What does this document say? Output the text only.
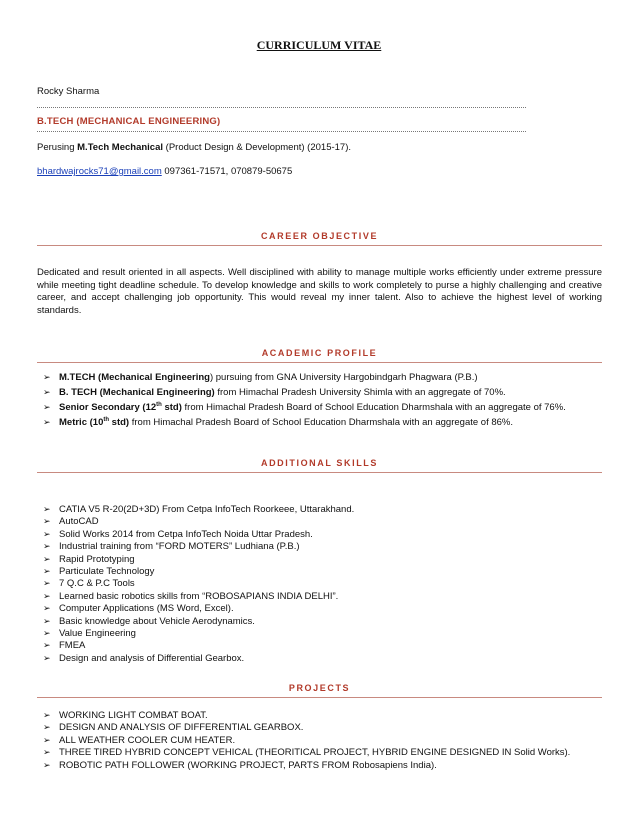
CURRICULUM VITAE
Rocky Sharma
B.TECH (MECHANICAL ENGINEERING)
Perusing M.Tech Mechanical (Product Design & Development) (2015-17).
bhardwajrocks71@gmail.com 097361-71571, 070879-50675
CAREER OBJECTIVE
Dedicated and result oriented in all aspects. Well disciplined with ability to manage multiple works efficiently under extreme pressure while meeting tight deadline schedule. To develop knowledge and skills to work completely to purse a highly challenging and creative career, and accept challenging job opportunity. This would reveal my inner talent. Also to achieve the highest level of working standards.
ACADEMIC PROFILE
➢ M.TECH (Mechanical Engineering) pursuing from GNA University Hargobindgarh Phagwara (P.B.)
➢ B. TECH (Mechanical Engineering) from Himachal Pradesh University Shimla with an aggregate of 70%.
➢ Senior Secondary (12th std) from Himachal Pradesh Board of School Education Dharmshala with an aggregate of 76%.
➢ Metric (10th std) from Himachal Pradesh Board of School Education Dharmshala with an aggregate of 86%.
ADDITIONAL SKILLS
➢ CATIA V5 R-20(2D+3D) From Cetpa InfoTech Roorkeee, Uttarakhand.
➢ AutoCAD
➢ Solid Works 2014 from Cetpa InfoTech Noida Uttar Pradesh.
➢ Industrial training from “FORD MOTERS” Ludhiana (P.B.)
➢ Rapid Prototyping
➢ Particulate Technology
➢ 7 Q.C & P.C Tools
➢ Learned basic robotics skills from “ROBOSAPIANS INDIA DELHI”.
➢ Computer Applications (MS Word, Excel).
➢ Basic knowledge about Vehicle Aerodynamics.
➢ Value Engineering
➢ FMEA
➢ Design and analysis of Differential Gearbox.
PROJECTS
➢ WORKING LIGHT COMBAT BOAT.
➢ DESIGN AND ANALYSIS OF DIFFERENTIAL GEARBOX.
➢ ALL WEATHER COOLER CUM HEATER.
➢ THREE TIRED HYBRID CONCEPT VEHICAL (THEORITICAL PROJECT, HYBRID ENGINE DESIGNED IN Solid Works).
➢ ROBOTIC PATH FOLLOWER (WORKING PROJECT, PARTS FROM Robosapiens India).
